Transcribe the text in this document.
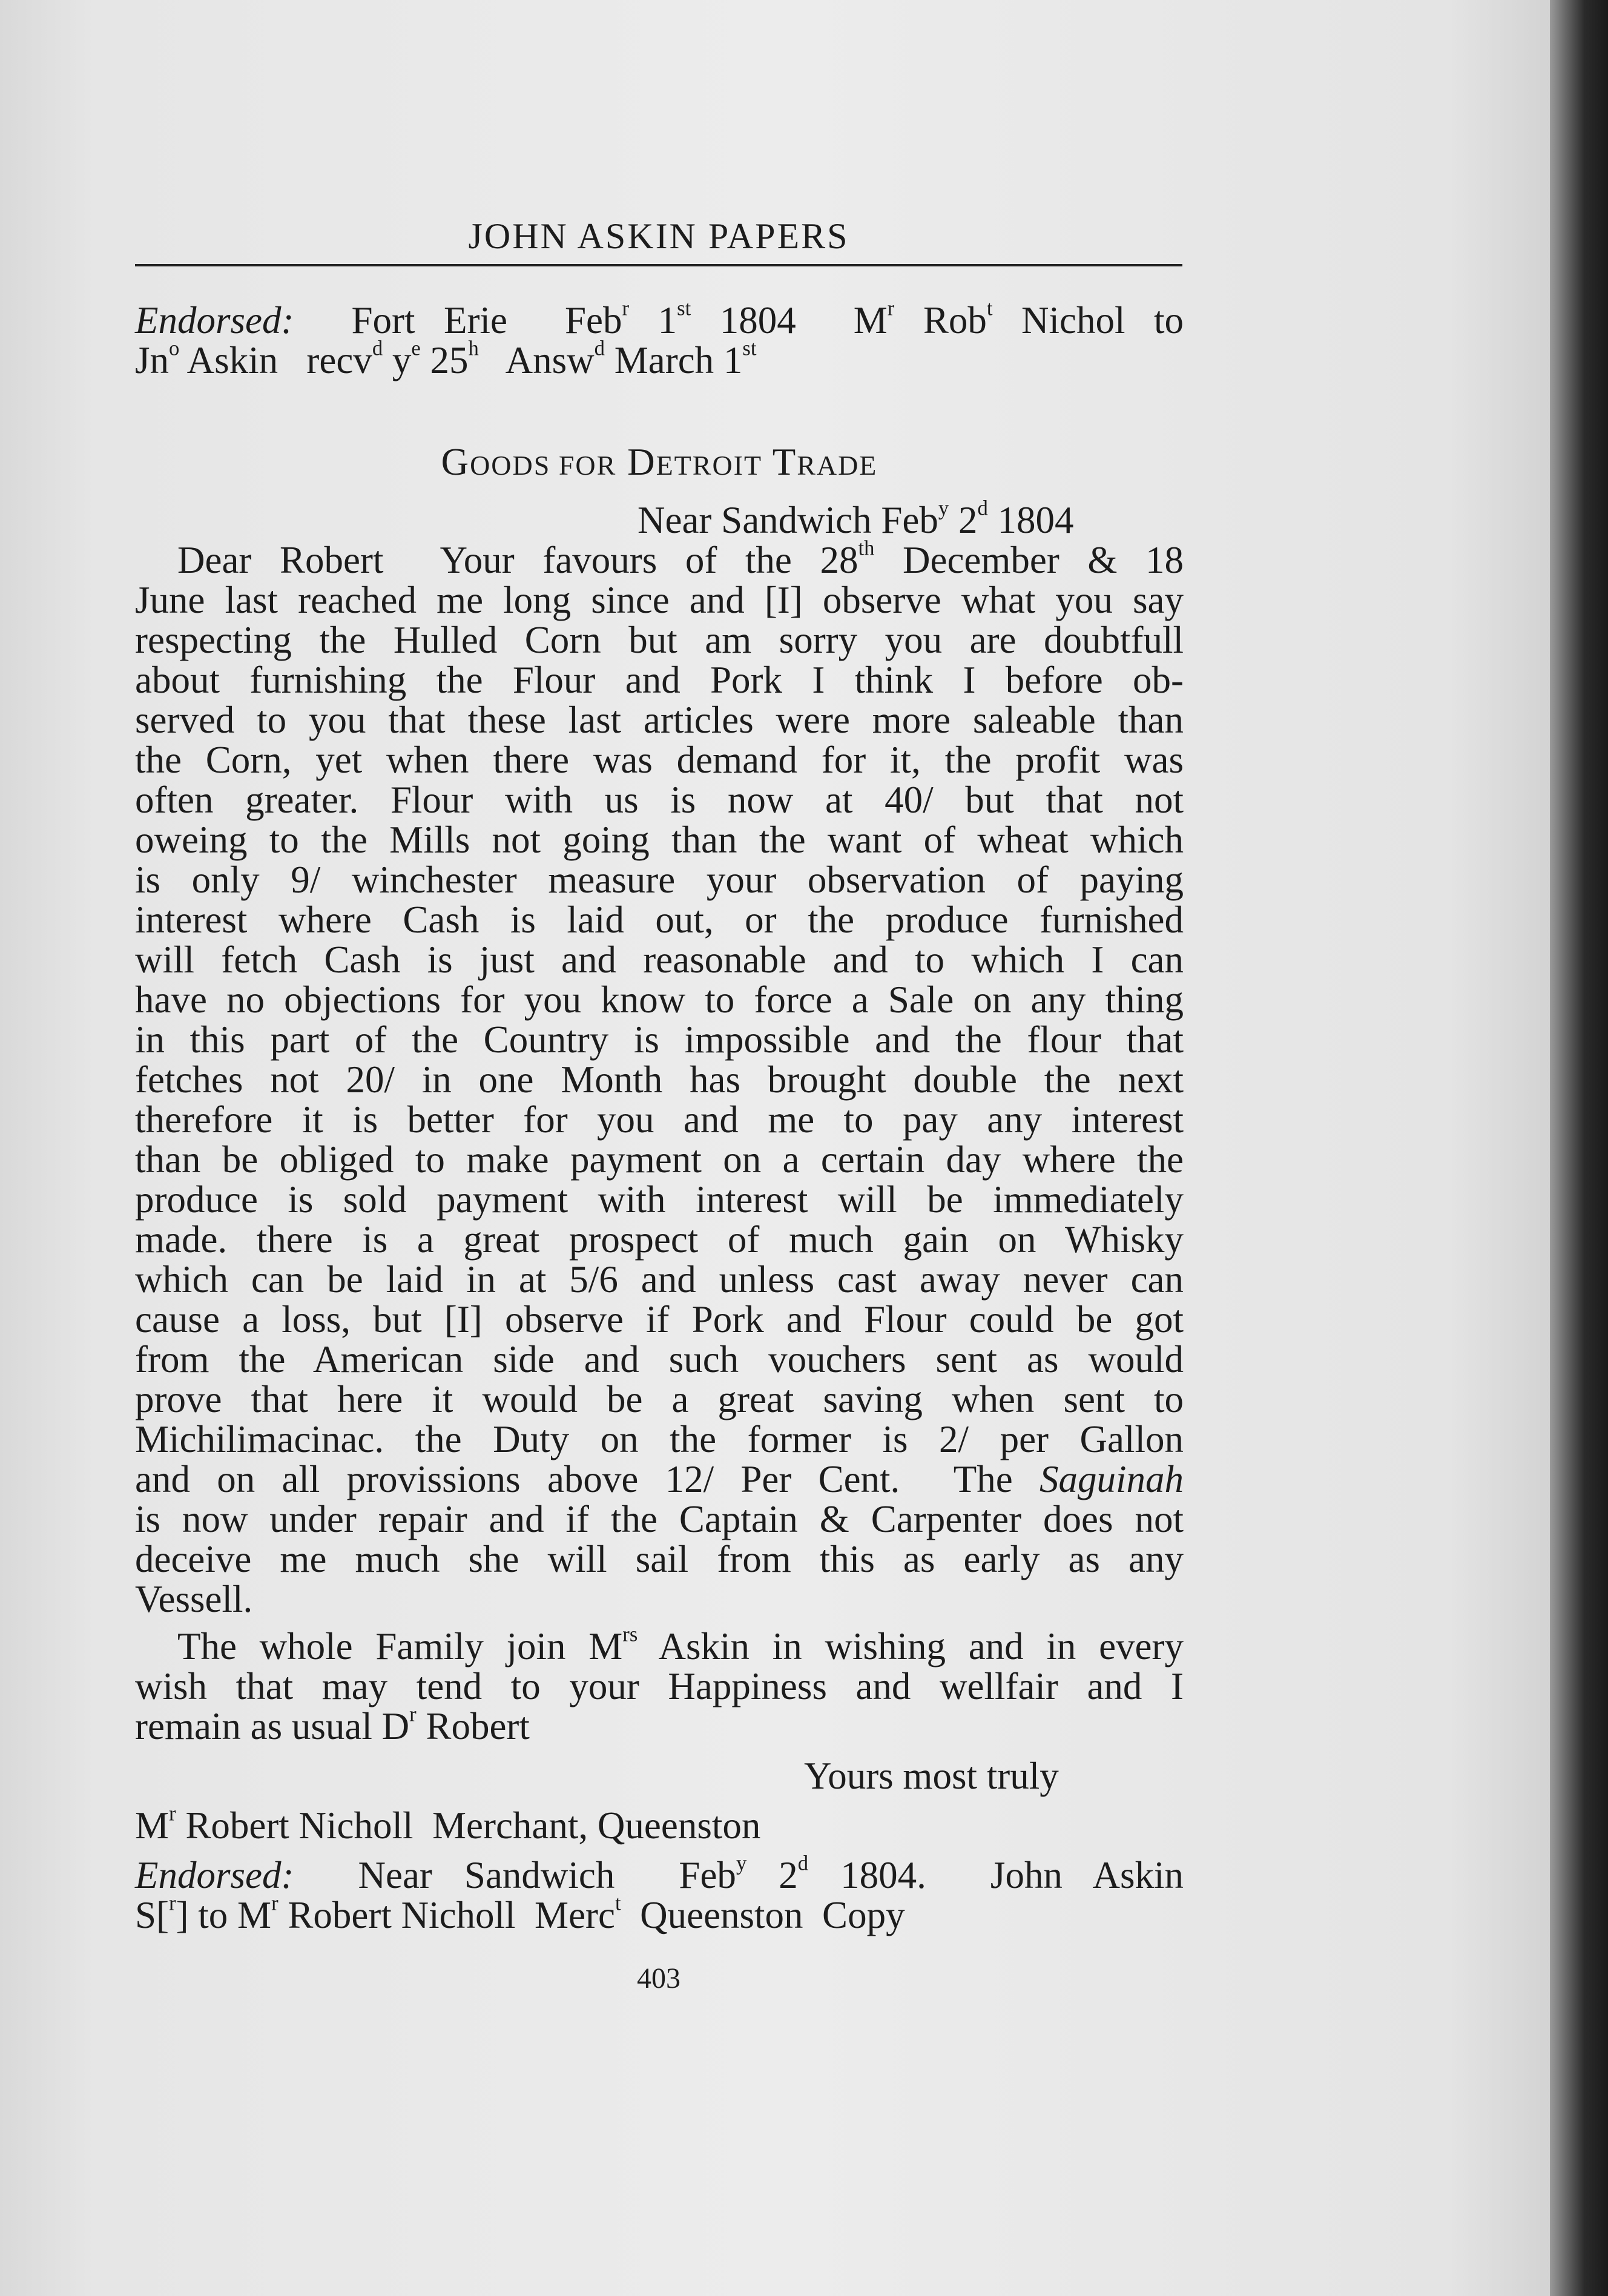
JOHN ASKIN PAPERS
Endorsed:  Fort Erie  Feb$^r$ 1st 1804  $M^r$ Rob$^t$ Nichol to
Jn$^o$ Askin   recv$^d$ $y^e$ 25$^h$   Answ$^d$ March 1st
GOODS FOR DETROIT TRADE
Near Sandwich Feb$^y$ 2$^d$ 1804
Dear Robert  Your favours of the 28th December & 18
June last reached me long since and [I] observe what you say
respecting the Hulled Corn but am sorry you are doubtfull
about furnishing the Flour and Pork I think I before ob-
served to you that these last articles were more saleable than
the Corn, yet when there was demand for it, the profit was
often greater. Flour with us is now at 40/ but that not
oweing to the Mills not going than the want of wheat which
is only 9/ winchester measure your observation of paying
interest where Cash is laid out, or the produce furnished
will fetch Cash is just and reasonable and to which I can
have no objections for you know to force a Sale on any thing
in this part of the Country is impossible and the flour that
fetches not 20/ in one Month has brought double the next
therefore it is better for you and me to pay any interest
than be obliged to make payment on a certain day where the
produce is sold payment with interest will be immediately
made. there is a great prospect of much gain on Whisky
which can be laid in at 5/6 and unless cast away never can
cause a loss, but [I] observe if Pork and Flour could be got
from the American side and such vouchers sent as would
prove that here it would be a great saving when sent to
Michilimacinac. the Duty on the former is 2/ per Gallon
and on all provissions above 12/ Per Cent.  The Saguinah
is now under repair and if the Captain & Carpenter does not
deceive me much she will sail from this as early as any
Vessell.
The whole Family join $M^{rs}$ Askin in wishing and in every
wish that may tend to your Happiness and wellfair and I
remain as usual $D^r$ Robert
Yours most truly
$M^r$ Robert Nicholl  Merchant, Queenston
Endorsed:  Near Sandwich  Feb$^y$ 2$^d$ 1804.  John Askin
S[$^r$] to $M^r$ Robert Nicholl  Merc$^t$  Queenston  Copy
403
